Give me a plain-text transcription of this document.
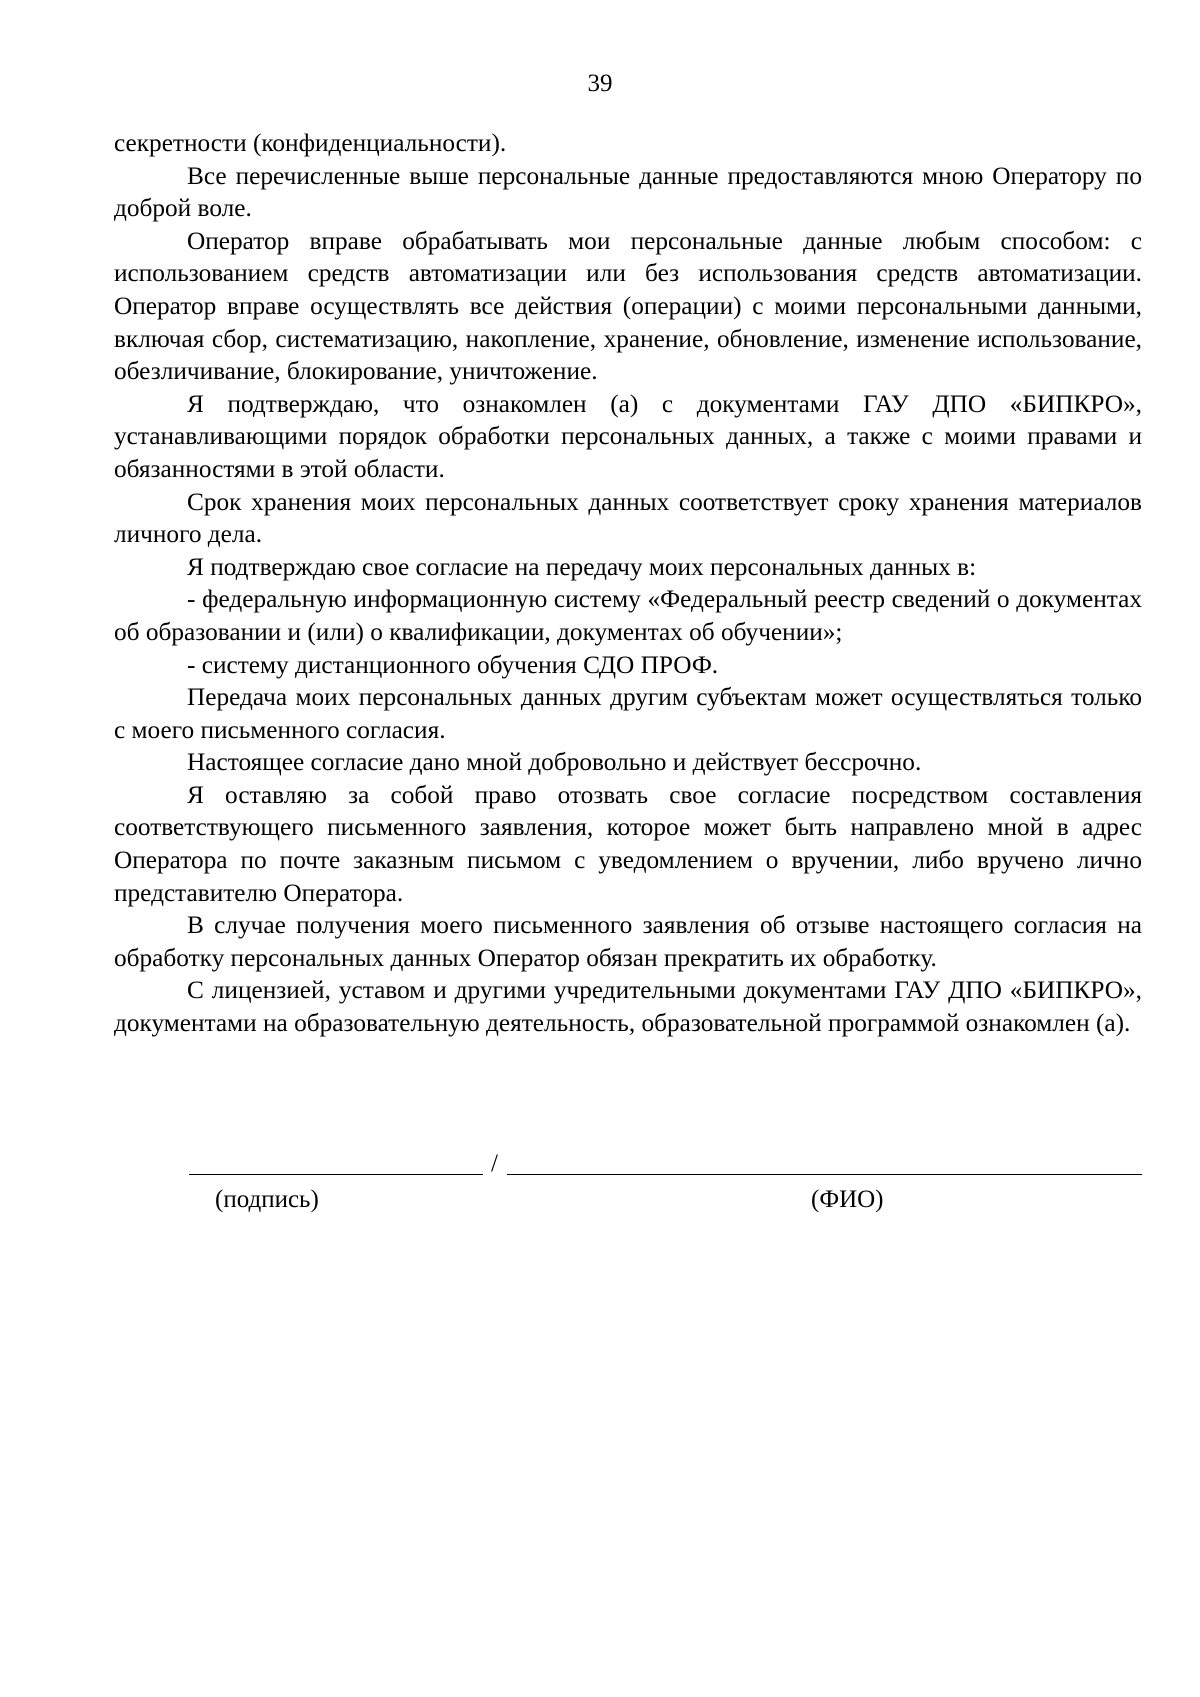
39

секретности (конфиденциальности).

Все перечисленные выше персональные данные предоставляются мною Оператору по доброй воле.

Оператор вправе обрабатывать мои персональные данные любым способом: с использованием средств автоматизации или без использования средств автоматизации. Оператор вправе осуществлять все действия (операции) с моими персональными данными, включая сбор, систематизацию, накопление, хранение, обновление, изменение использование, обезличивание, блокирование, уничтожение.

Я подтверждаю, что ознакомлен (а) с документами ГАУ ДПО «БИПКРО», устанавливающими порядок обработки персональных данных, а также с моими правами и обязанностями в этой области.

Срок хранения моих персональных данных соответствует сроку хранения материалов личного дела.

Я подтверждаю свое согласие на передачу моих персональных данных в:

- федеральную информационную систему «Федеральный реестр сведений о документах об образовании и (или) о квалификации, документах об обучении»;

- систему дистанционного обучения СДО ПРОФ.

Передача моих персональных данных другим субъектам может осуществляться только с моего письменного согласия.

Настоящее согласие дано мной добровольно и действует бессрочно.

Я оставляю за собой право отозвать свое согласие посредством составления соответствующего письменного заявления, которое может быть направлено мной в адрес Оператора по почте заказным письмом с уведомлением о вручении, либо вручено лично представителю Оператора.

В случае получения моего письменного заявления об отзыве настоящего согласия на обработку персональных данных Оператор обязан прекратить их обработку.

С лицензией, уставом и другими учредительными документами ГАУ ДПО «БИПКРО», документами на образовательную деятельность, образовательной программой ознакомлен (а).

/
(подпись)	(ФИО)
